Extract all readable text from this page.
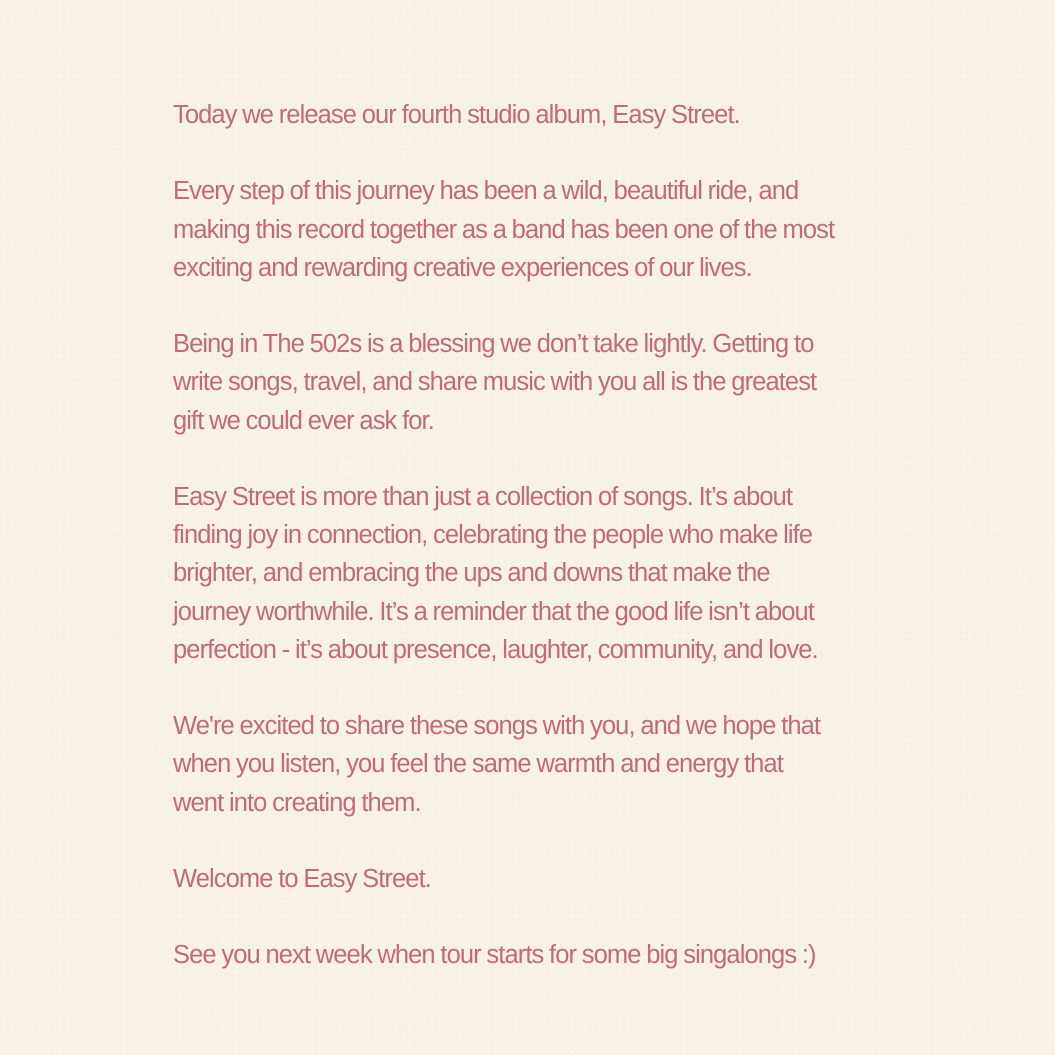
Today we release our fourth studio album, Easy Street.

Every step of this journey has been a wild, beautiful ride, and
making this record together as a band has been one of the most
exciting and rewarding creative experiences of our lives.

Being in The 502s is a blessing we don’t take lightly. Getting to
write songs, travel, and share music with you all is the greatest
gift we could ever ask for.

Easy Street is more than just a collection of songs. It’s about
finding joy in connection, celebrating the people who make life
brighter, and embracing the ups and downs that make the
journey worthwhile. It’s a reminder that the good life isn’t about
perfection - it’s about presence, laughter, community, and love.

We're excited to share these songs with you, and we hope that
when you listen, you feel the same warmth and energy that
went into creating them.

Welcome to Easy Street.

See you next week when tour starts for some big singalongs :)
